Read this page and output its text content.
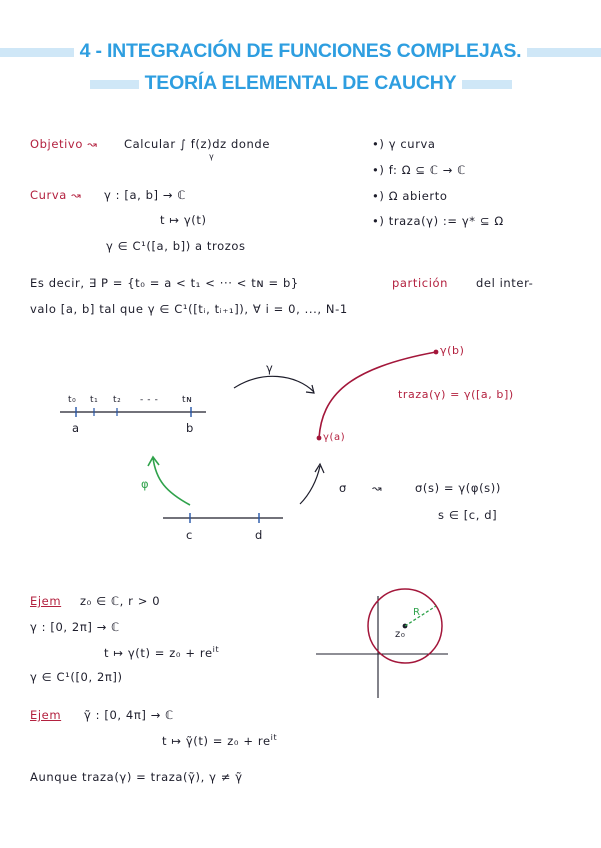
4 - INTEGRACIÓN DE FUNCIONES COMPLEJAS.
TEORÍA ELEMENTAL DE CAUCHY
Objetivo ↝ Calcular ∫ f(z)dz donde
γ
•) γ curva
•) f: Ω ⊆ ℂ → ℂ
•) Ω abierto
•) traza(γ) := γ* ⊆ Ω
Curva ↝ γ : [a, b] → ℂ
t ↦ γ(t)
γ ∈ C¹([a, b]) a trozos
Es decir, ∃ P = {t₀ = a < t₁ < ··· < tɴ = b}	partición del inter-
valo [a, b] tal que γ ∈ C¹([tᵢ, tᵢ₊₁]), ∀ i = 0, ..., N-1
t₀ t₁ t₂ - - -	tɴ
a	b
γ
γ(b)
traza(γ) = γ([a, b])
γ(a)
φ	σ ↝	σ(s) = γ(φ(s))
s ∈ [c, d]
c	d
Ejem z₀ ∈ ℂ, r > 0
γ : [0, 2π] → ℂ
t ↦ $\gamma(t) = z_0 + re^{it}$
γ ∈ C¹([0, 2π])
R
z₀
Ejem γ̃ : [0, 4π] → ℂ
t ↦ γ̃(t) = $z_0 + re^{it}$
Aunque traza(γ) = traza(γ̃), γ ≠ γ̃
